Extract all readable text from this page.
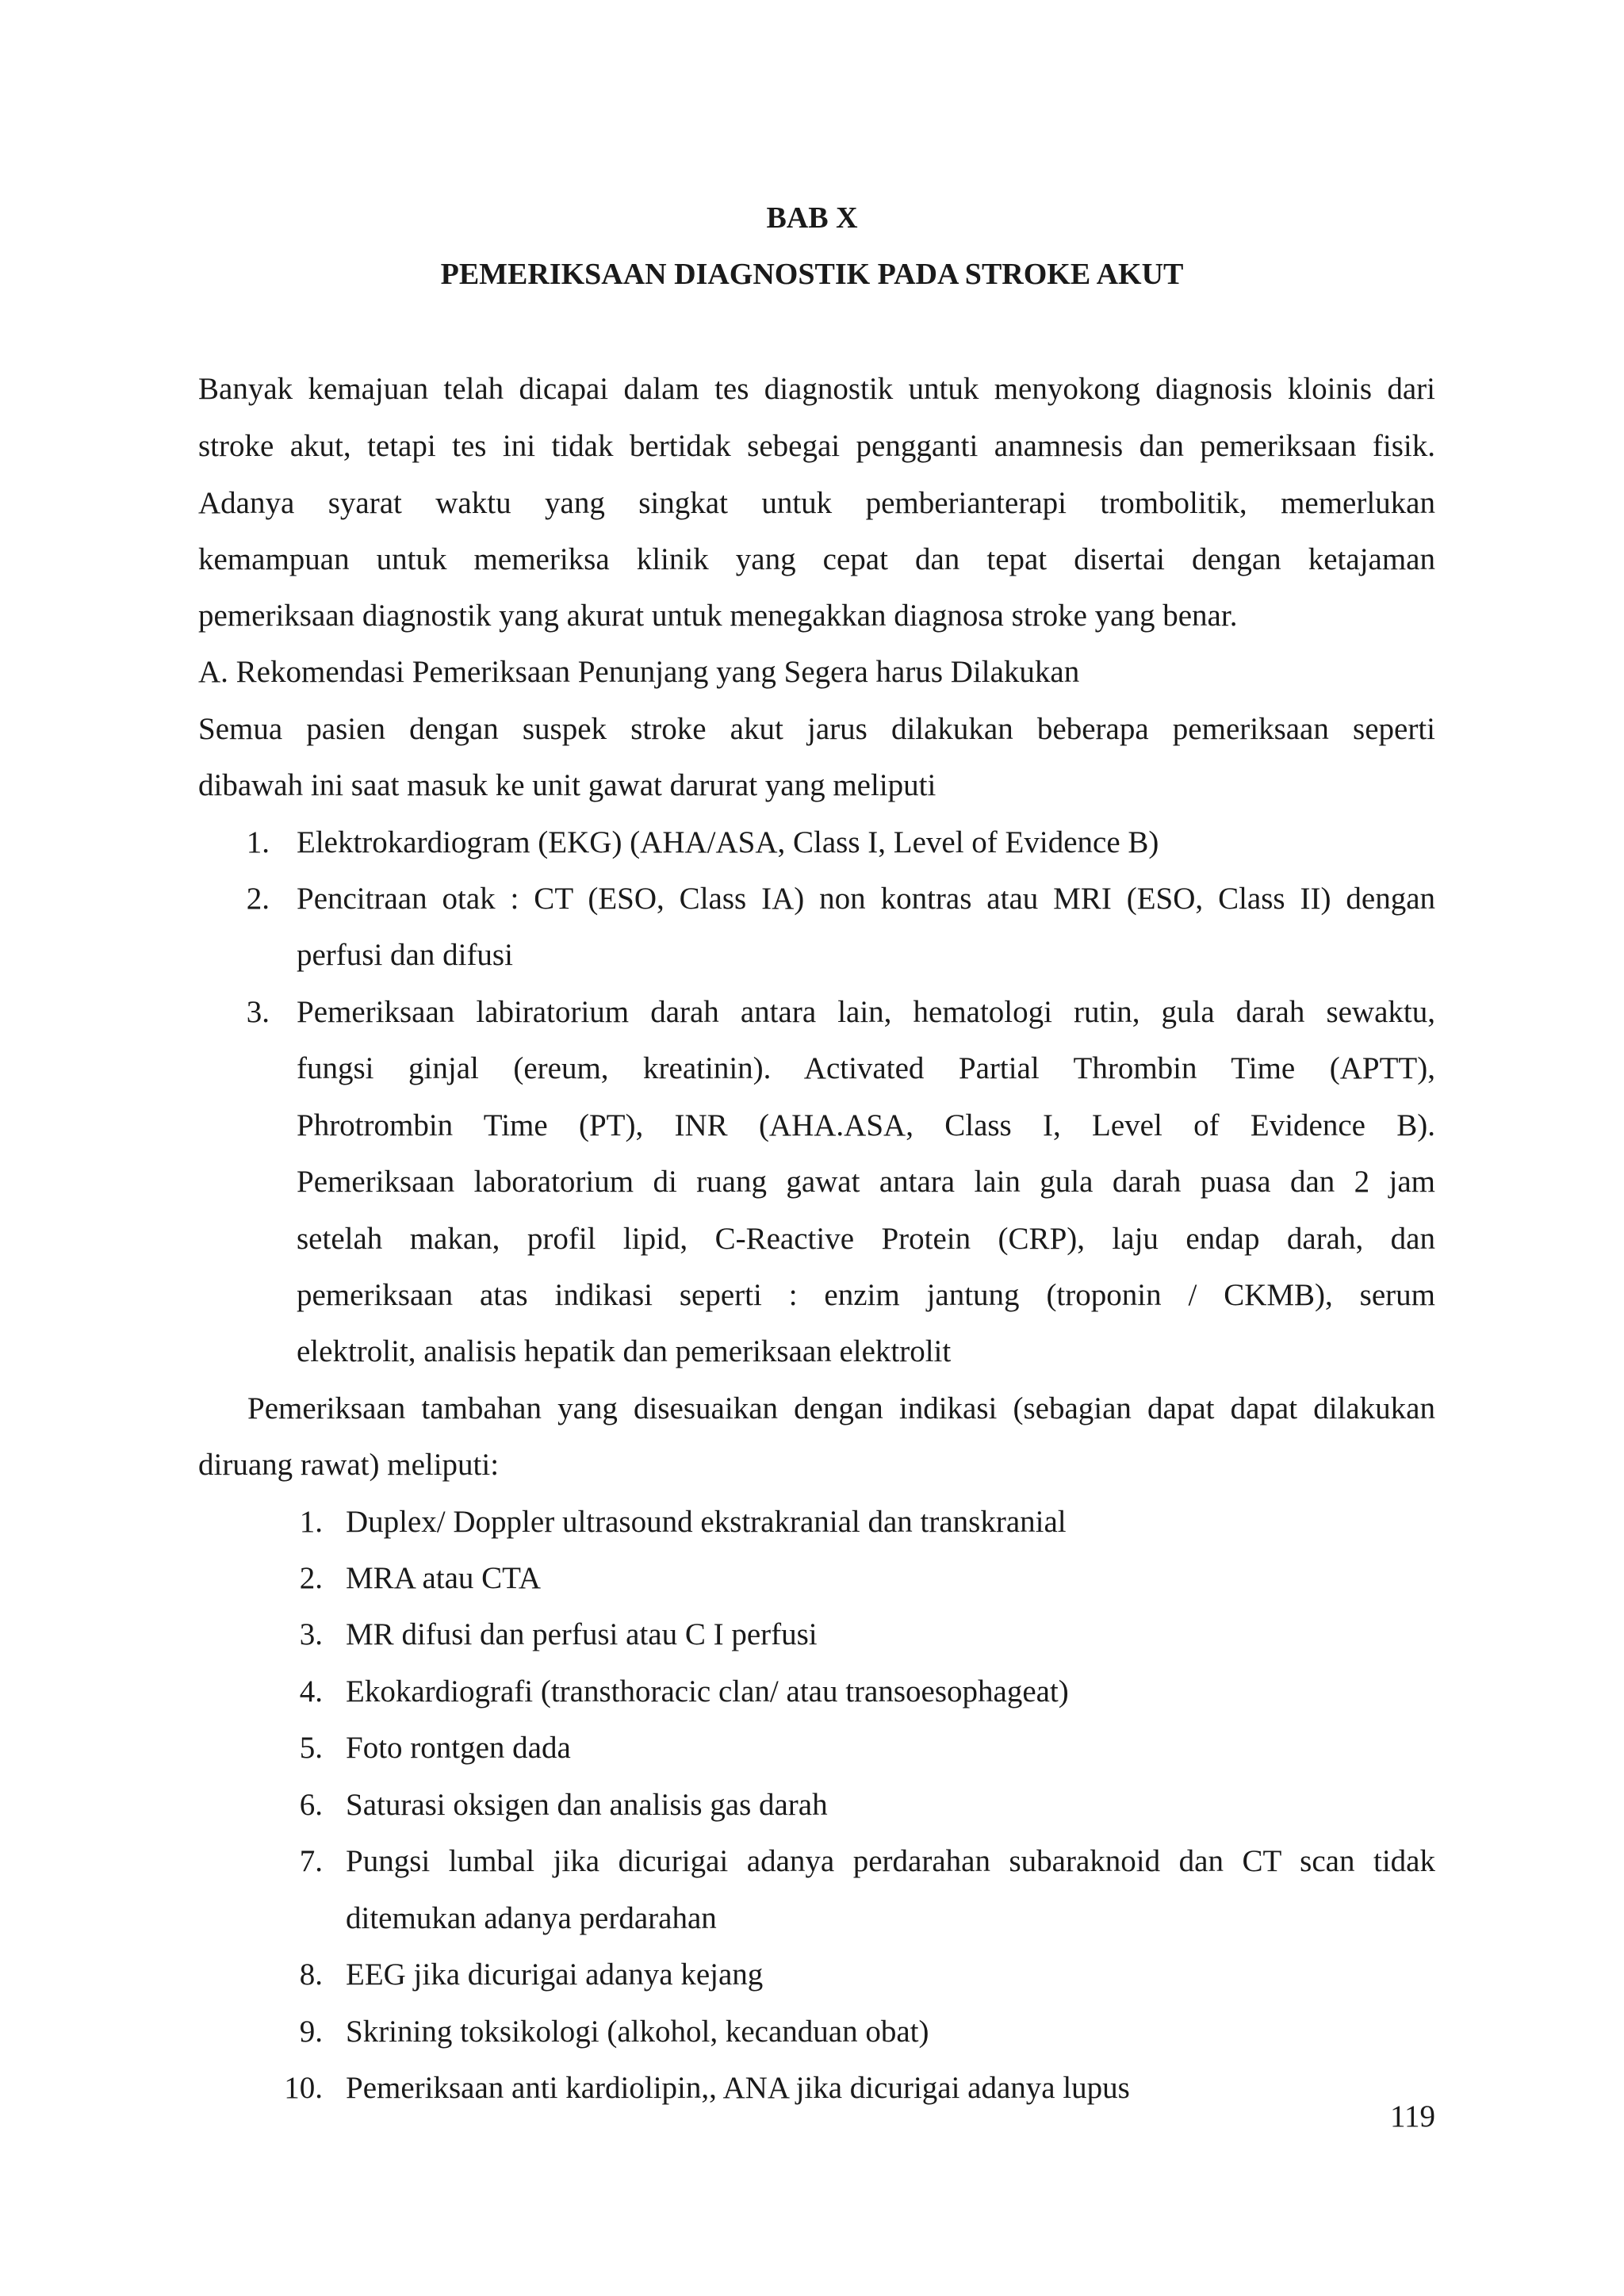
BAB X
PEMERIKSAAN DIAGNOSTIK PADA STROKE AKUT
Banyak kemajuan telah dicapai dalam tes diagnostik untuk menyokong diagnosis kloinis dari
stroke akut, tetapi tes ini tidak bertidak sebegai pengganti anamnesis dan pemeriksaan fisik.
Adanya syarat waktu yang singkat untuk pemberianterapi trombolitik, memerlukan
kemampuan untuk memeriksa klinik yang cepat dan tepat disertai dengan ketajaman
pemeriksaan diagnostik yang akurat untuk menegakkan diagnosa stroke yang benar.
A. Rekomendasi Pemeriksaan Penunjang yang Segera harus Dilakukan
Semua pasien dengan suspek stroke akut jarus dilakukan beberapa pemeriksaan seperti
dibawah ini saat masuk ke unit gawat darurat yang meliputi
1. Elektrokardiogram (EKG) (AHA/ASA, Class I, Level of Evidence B)
2. Pencitraan otak : CT (ESO, Class IA) non kontras atau MRI (ESO, Class II) dengan
perfusi dan difusi
3. Pemeriksaan labiratorium darah antara lain, hematologi rutin, gula darah sewaktu,
fungsi ginjal (ereum, kreatinin). Activated Partial Thrombin Time (APTT),
Phrotrombin Time (PT), INR (AHA.ASA, Class I, Level of Evidence B).
Pemeriksaan laboratorium di ruang gawat antara lain gula darah puasa dan 2 jam
setelah makan, profil lipid, C-Reactive Protein (CRP), laju endap darah, dan
pemeriksaan atas indikasi seperti : enzim jantung (troponin / CKMB), serum
elektrolit, analisis hepatik dan pemeriksaan elektrolit
Pemeriksaan tambahan yang disesuaikan dengan indikasi (sebagian dapat dapat dilakukan
diruang rawat) meliputi:
1. Duplex/ Doppler ultrasound ekstrakranial dan transkranial
2. MRA atau CTA
3. MR difusi dan perfusi atau C I perfusi
4. Ekokardiografi (transthoracic clan/ atau transoesophageat)
5. Foto rontgen dada
6. Saturasi oksigen dan analisis gas darah
7. Pungsi lumbal jika dicurigai adanya perdarahan subaraknoid dan CT scan tidak
ditemukan adanya perdarahan
8. EEG jika dicurigai adanya kejang
9. Skrining toksikologi (alkohol, kecanduan obat)
10. Pemeriksaan anti kardiolipin,, ANA jika dicurigai adanya lupus
119
